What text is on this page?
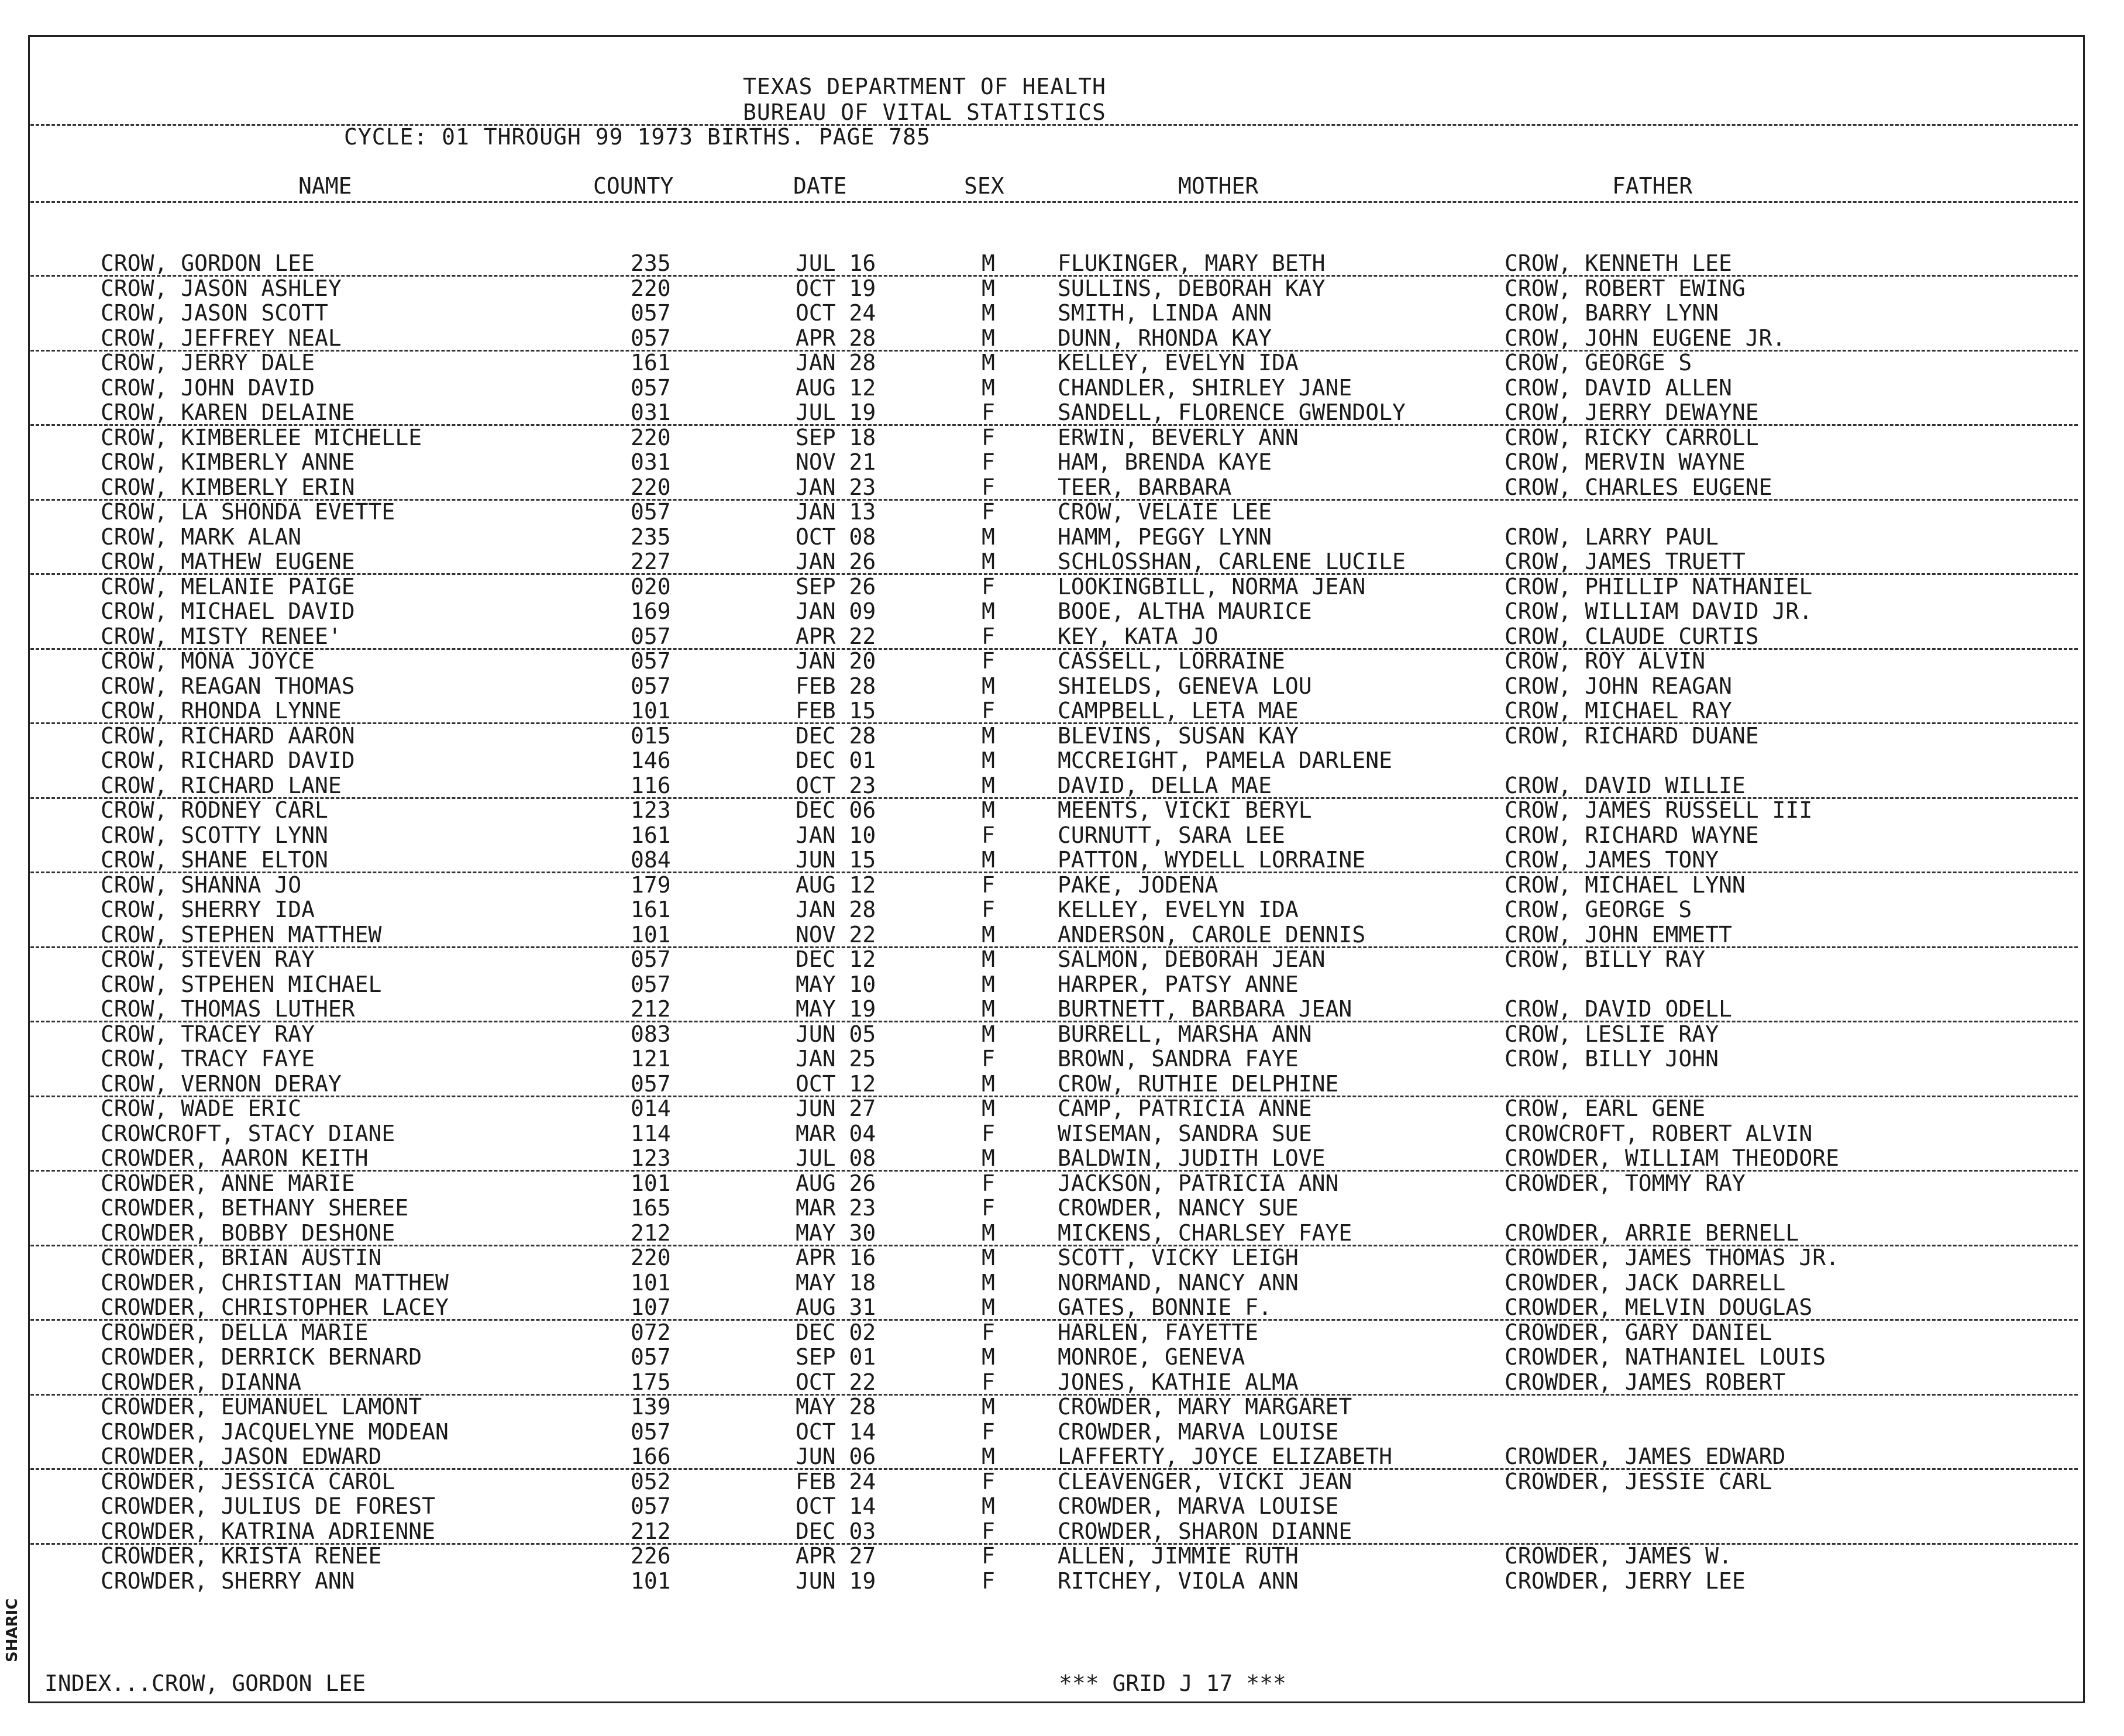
SHARIC
TEXAS DEPARTMENT OF HEALTH
BUREAU OF VITAL STATISTICS
CYCLE: 01 THROUGH 99 1973 BIRTHS. PAGE 785
NAME	COUNTY	DATE	SEX	MOTHER	FATHER
CROW, GORDON LEE	235	JUL 16	M	FLUKINGER, MARY BETH	CROW, KENNETH LEE
CROW, JASON ASHLEY	220	OCT 19	M	SULLINS, DEBORAH KAY	CROW, ROBERT EWING
CROW, JASON SCOTT	057	OCT 24	M	SMITH, LINDA ANN	CROW, BARRY LYNN
CROW, JEFFREY NEAL	057	APR 28	M	DUNN, RHONDA KAY	CROW, JOHN EUGENE JR.
CROW, JERRY DALE	161	JAN 28	M	KELLEY, EVELYN IDA	CROW, GEORGE S
CROW, JOHN DAVID	057	AUG 12	M	CHANDLER, SHIRLEY JANE	CROW, DAVID ALLEN
CROW, KAREN DELAINE	031	JUL 19	F	SANDELL, FLORENCE GWENDOLY	CROW, JERRY DEWAYNE
CROW, KIMBERLEE MICHELLE	220	SEP 18	F	ERWIN, BEVERLY ANN	CROW, RICKY CARROLL
CROW, KIMBERLY ANNE	031	NOV 21	F	HAM, BRENDA KAYE	CROW, MERVIN WAYNE
CROW, KIMBERLY ERIN	220	JAN 23	F	TEER, BARBARA	CROW, CHARLES EUGENE
CROW, LA SHONDA EVETTE	057	JAN 13	F	CROW, VELAIE LEE
CROW, MARK ALAN	235	OCT 08	M	HAMM, PEGGY LYNN	CROW, LARRY PAUL
CROW, MATHEW EUGENE	227	JAN 26	M	SCHLOSSHAN, CARLENE LUCILE	CROW, JAMES TRUETT
CROW, MELANIE PAIGE	020	SEP 26	F	LOOKINGBILL, NORMA JEAN	CROW, PHILLIP NATHANIEL
CROW, MICHAEL DAVID	169	JAN 09	M	BOOE, ALTHA MAURICE	CROW, WILLIAM DAVID JR.
CROW, MISTY RENEE'	057	APR 22	F	KEY, KATA JO	CROW, CLAUDE CURTIS
CROW, MONA JOYCE	057	JAN 20	F	CASSELL, LORRAINE	CROW, ROY ALVIN
CROW, REAGAN THOMAS	057	FEB 28	M	SHIELDS, GENEVA LOU	CROW, JOHN REAGAN
CROW, RHONDA LYNNE	101	FEB 15	F	CAMPBELL, LETA MAE	CROW, MICHAEL RAY
CROW, RICHARD AARON	015	DEC 28	M	BLEVINS, SUSAN KAY	CROW, RICHARD DUANE
CROW, RICHARD DAVID	146	DEC 01	M	MCCREIGHT, PAMELA DARLENE
CROW, RICHARD LANE	116	OCT 23	M	DAVID, DELLA MAE	CROW, DAVID WILLIE
CROW, RODNEY CARL	123	DEC 06	M	MEENTS, VICKI BERYL	CROW, JAMES RUSSELL III
CROW, SCOTTY LYNN	161	JAN 10	F	CURNUTT, SARA LEE	CROW, RICHARD WAYNE
CROW, SHANE ELTON	084	JUN 15	M	PATTON, WYDELL LORRAINE	CROW, JAMES TONY
CROW, SHANNA JO	179	AUG 12	F	PAKE, JODENA	CROW, MICHAEL LYNN
CROW, SHERRY IDA	161	JAN 28	F	KELLEY, EVELYN IDA	CROW, GEORGE S
CROW, STEPHEN MATTHEW	101	NOV 22	M	ANDERSON, CAROLE DENNIS	CROW, JOHN EMMETT
CROW, STEVEN RAY	057	DEC 12	M	SALMON, DEBORAH JEAN	CROW, BILLY RAY
CROW, STPEHEN MICHAEL	057	MAY 10	M	HARPER, PATSY ANNE
CROW, THOMAS LUTHER	212	MAY 19	M	BURTNETT, BARBARA JEAN	CROW, DAVID ODELL
CROW, TRACEY RAY	083	JUN 05	M	BURRELL, MARSHA ANN	CROW, LESLIE RAY
CROW, TRACY FAYE	121	JAN 25	F	BROWN, SANDRA FAYE	CROW, BILLY JOHN
CROW, VERNON DERAY	057	OCT 12	M	CROW, RUTHIE DELPHINE
CROW, WADE ERIC	014	JUN 27	M	CAMP, PATRICIA ANNE	CROW, EARL GENE
CROWCROFT, STACY DIANE	114	MAR 04	F	WISEMAN, SANDRA SUE	CROWCROFT, ROBERT ALVIN
CROWDER, AARON KEITH	123	JUL 08	M	BALDWIN, JUDITH LOVE	CROWDER, WILLIAM THEODORE
CROWDER, ANNE MARIE	101	AUG 26	F	JACKSON, PATRICIA ANN	CROWDER, TOMMY RAY
CROWDER, BETHANY SHEREE	165	MAR 23	F	CROWDER, NANCY SUE
CROWDER, BOBBY DESHONE	212	MAY 30	M	MICKENS, CHARLSEY FAYE	CROWDER, ARRIE BERNELL
CROWDER, BRIAN AUSTIN	220	APR 16	M	SCOTT, VICKY LEIGH	CROWDER, JAMES THOMAS JR.
CROWDER, CHRISTIAN MATTHEW	101	MAY 18	M	NORMAND, NANCY ANN	CROWDER, JACK DARRELL
CROWDER, CHRISTOPHER LACEY	107	AUG 31	M	GATES, BONNIE F.	CROWDER, MELVIN DOUGLAS
CROWDER, DELLA MARIE	072	DEC 02	F	HARLEN, FAYETTE	CROWDER, GARY DANIEL
CROWDER, DERRICK BERNARD	057	SEP 01	M	MONROE, GENEVA	CROWDER, NATHANIEL LOUIS
CROWDER, DIANNA	175	OCT 22	F	JONES, KATHIE ALMA	CROWDER, JAMES ROBERT
CROWDER, EUMANUEL LAMONT	139	MAY 28	M	CROWDER, MARY MARGARET
CROWDER, JACQUELYNE MODEAN	057	OCT 14	F	CROWDER, MARVA LOUISE
CROWDER, JASON EDWARD	166	JUN 06	M	LAFFERTY, JOYCE ELIZABETH	CROWDER, JAMES EDWARD
CROWDER, JESSICA CAROL	052	FEB 24	F	CLEAVENGER, VICKI JEAN	CROWDER, JESSIE CARL
CROWDER, JULIUS DE FOREST	057	OCT 14	M	CROWDER, MARVA LOUISE
CROWDER, KATRINA ADRIENNE	212	DEC 03	F	CROWDER, SHARON DIANNE
CROWDER, KRISTA RENEE	226	APR 27	F	ALLEN, JIMMIE RUTH	CROWDER, JAMES W.
CROWDER, SHERRY ANN	101	JUN 19	F	RITCHEY, VIOLA ANN	CROWDER, JERRY LEE
INDEX...CROW, GORDON LEE	*** GRID J 17 ***
